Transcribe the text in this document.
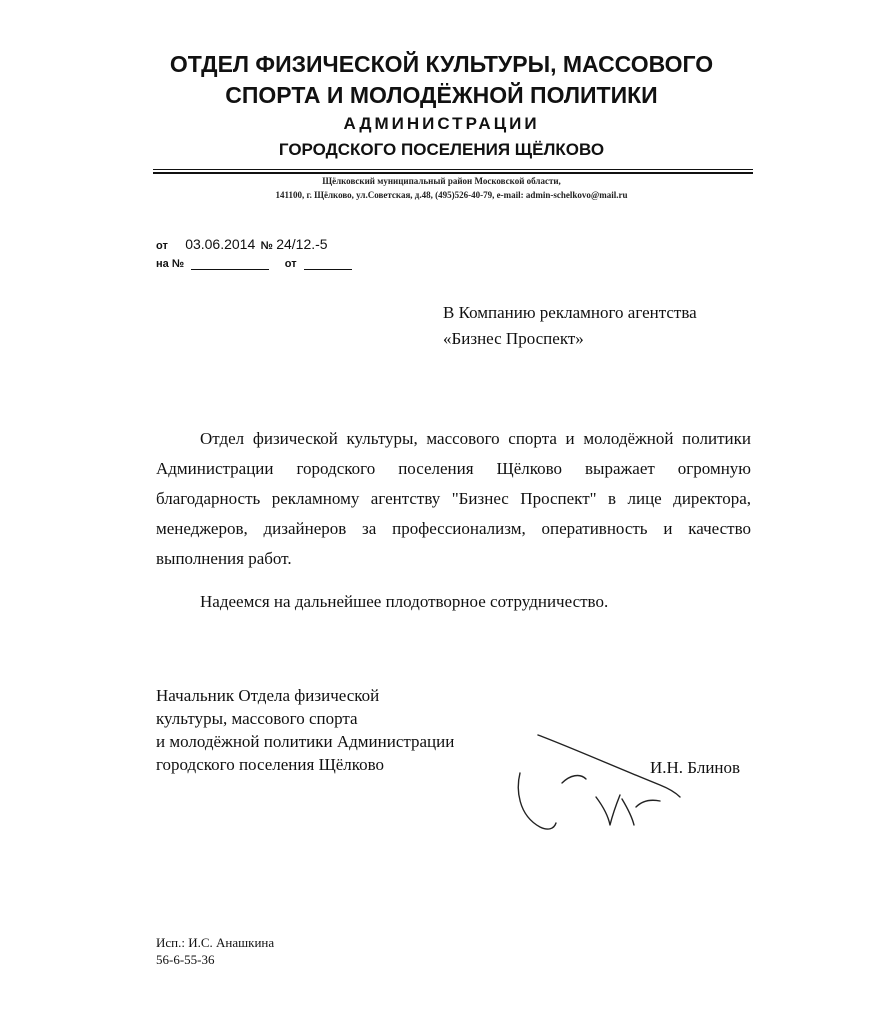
ОТДЕЛ ФИЗИЧЕСКОЙ КУЛЬТУРЫ, МАССОВОГО
СПОРТА И МОЛОДЁЖНОЙ ПОЛИТИКИ
АДМИНИСТРАЦИИ
ГОРОДСКОГО ПОСЕЛЕНИЯ ЩЁЛКОВО
Щёлковский муниципальный район Московской области,
141100, г. Щёлково, ул.Советская, д.48, (495)526-40-79, e-mail: admin-schelkovo@mail.ru
от 03.06.2014 № 24/12.-5
на №	от
В Компанию рекламного агентства
«Бизнес Проспект»
Отдел физической культуры, массового спорта и молодёжной политики Администрации городского поселения Щёлково выражает огромную благодарность рекламному агентству "Бизнес Проспект" в лице директора, менеджеров, дизайнеров за профессионализм, оперативность и качество выполнения работ.
Надеемся на дальнейшее плодотворное сотрудничество.
Начальник Отдела физической
культуры, массового спорта
и молодёжной политики Администрации
городского поселения Щёлково	И.Н. Блинов
Исп.: И.С. Анашкина
56-6-55-36
